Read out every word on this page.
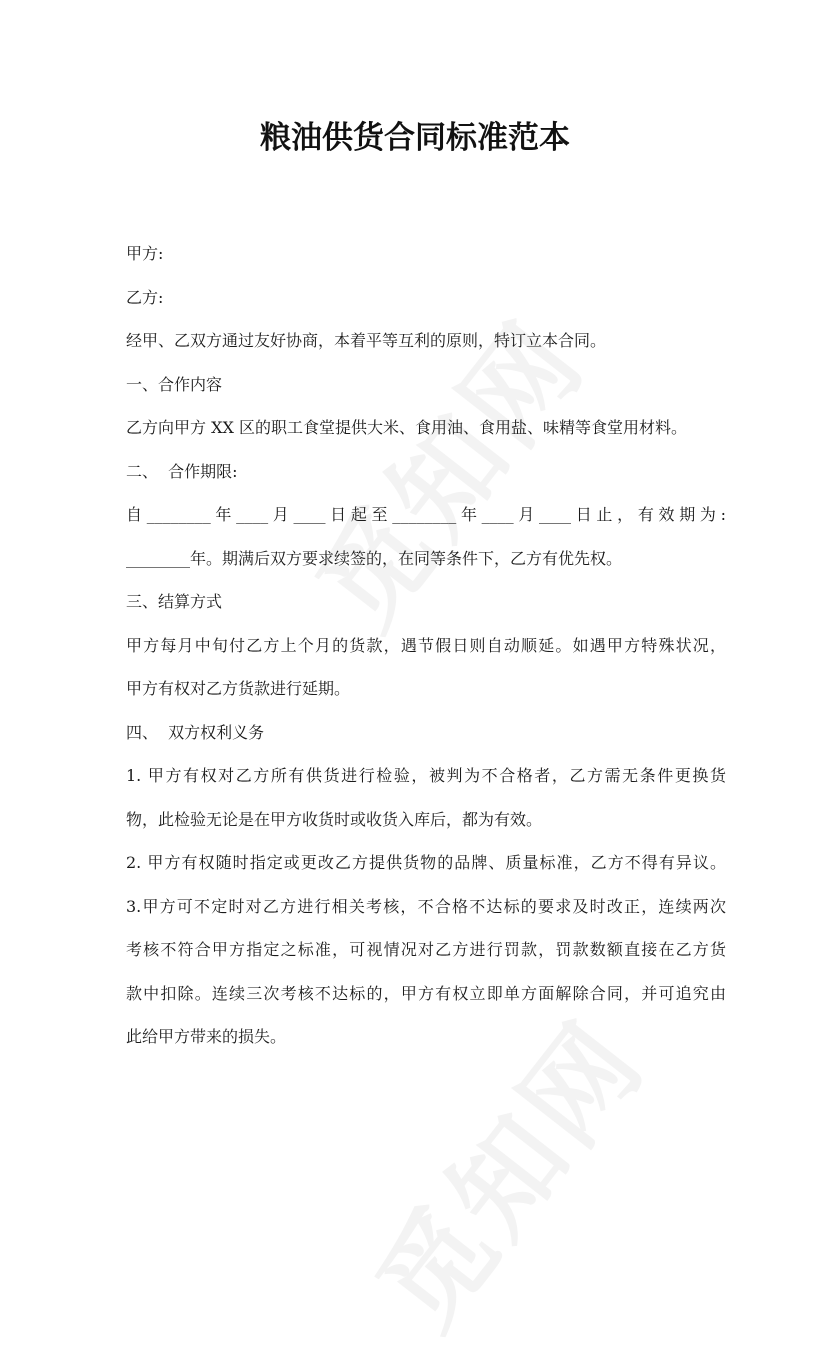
粮油供货合同标准范本
甲方:
乙方:
经甲、乙双方通过友好协商，本着平等互利的原则，特订立本合同。
一、合作内容
乙方向甲方 XX 区的职工食堂提供大米、食用油、食用盐、味精等食堂用材料。
二、  合作期限:
自________年____月____日起至________年____月____日止，有效期为:
________年。期满后双方要求续签的，在同等条件下，乙方有优先权。
三、结算方式
甲方每月中旬付乙方上个月的货款，遇节假日则自动顺延。如遇甲方特殊状况，
甲方有权对乙方货款进行延期。
四、  双方权利义务
1. 甲方有权对乙方所有供货进行检验，被判为不合格者，乙方需无条件更换货
物，此检验无论是在甲方收货时或收货入库后，都为有效。
2. 甲方有权随时指定或更改乙方提供货物的品牌、质量标准，乙方不得有异议。
3.甲方可不定时对乙方进行相关考核，不合格不达标的要求及时改正，连续两次
考核不符合甲方指定之标准，可视情况对乙方进行罚款，罚款数额直接在乙方货
款中扣除。连续三次考核不达标的，甲方有权立即单方面解除合同，并可追究由
此给甲方带来的损失。
